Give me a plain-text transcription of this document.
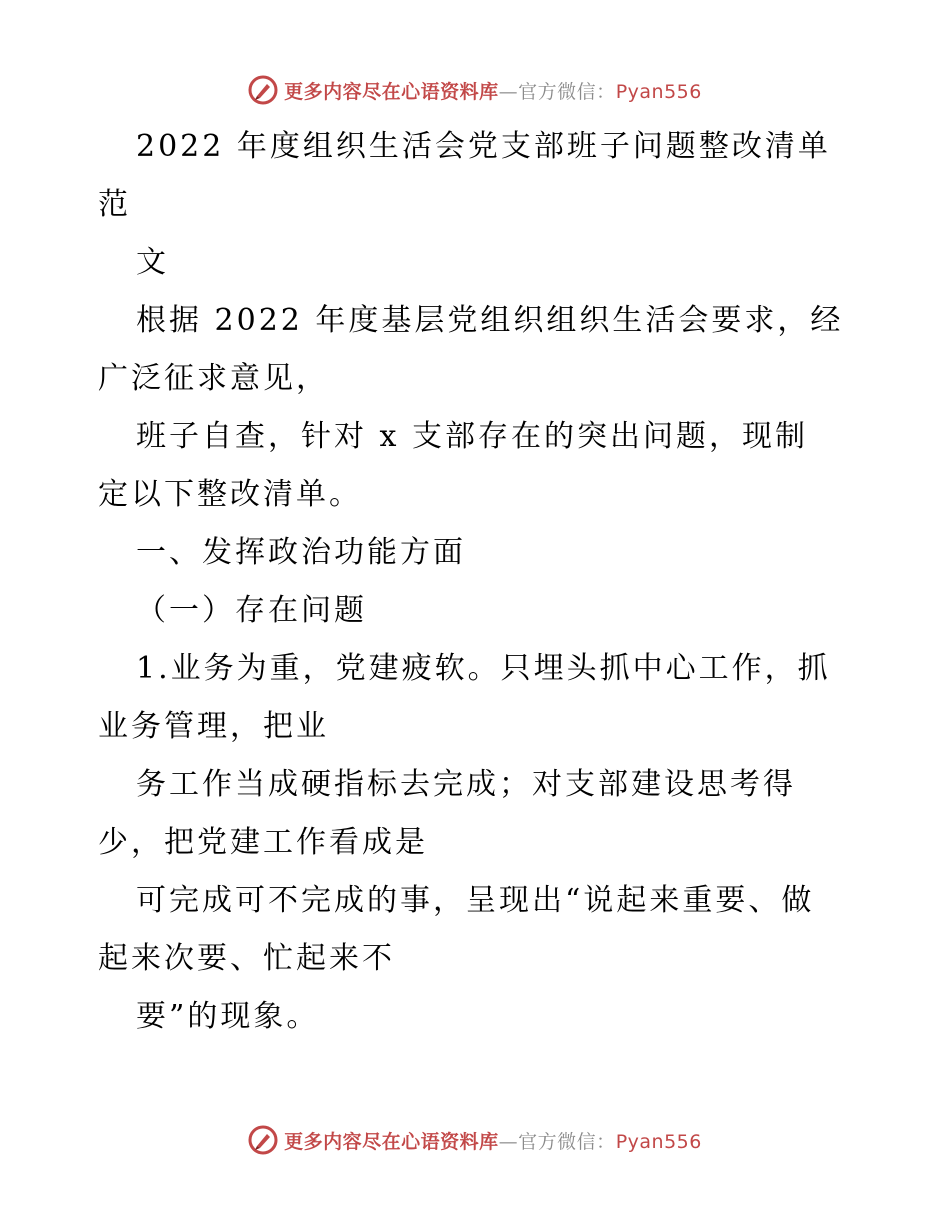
更多内容尽在心语资料库—官方微信：Pyan556
2022 年度组织生活会党支部班子问题整改清单
范
文
根据 2022 年度基层党组织组织生活会要求，经
广泛征求意见，
班子自查，针对 x 支部存在的突出问题，现制
定以下整改清单。
一、发挥政治功能方面
（一）存在问题
1.业务为重，党建疲软。只埋头抓中心工作，抓
业务管理，把业
务工作当成硬指标去完成；对支部建设思考得
少，把党建工作看成是
可完成可不完成的事，呈现出“说起来重要、做
起来次要、忙起来不
要”的现象。
更多内容尽在心语资料库—官方微信：Pyan556
